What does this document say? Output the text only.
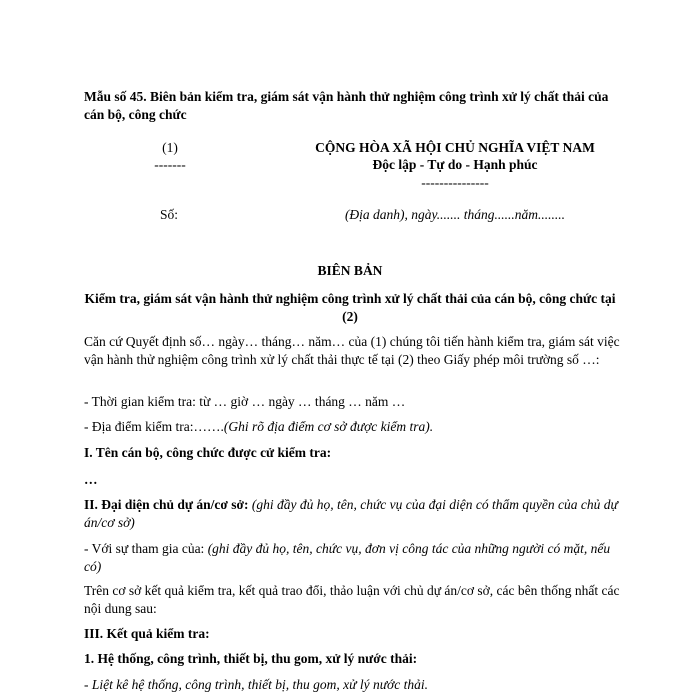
Mẫu số 45. Biên bản kiểm tra, giám sát vận hành thử nghiệm công trình xử lý chất thải của cán bộ, công chức
(1)
-------
Số:
CỘNG HÒA XÃ HỘI CHỦ NGHĨA VIỆT NAM
Độc lập - Tự do - Hạnh phúc
---------------
(Địa danh), ngày....... tháng......năm........
BIÊN BẢN
Kiểm tra, giám sát vận hành thử nghiệm công trình xử lý chất thải của cán bộ, công chức tại (2)
Căn cứ Quyết định số… ngày… tháng… năm… của (1) chúng tôi tiến hành kiểm tra, giám sát việc vận hành thử nghiệm công trình xử lý chất thải thực tế tại (2) theo Giấy phép môi trường số …:
- Thời gian kiểm tra: từ … giờ … ngày … tháng … năm …
- Địa điểm kiểm tra:…….(Ghi rõ địa điểm cơ sở được kiểm tra).
I. Tên cán bộ, công chức được cử kiểm tra:
…
II. Đại diện chủ dự án/cơ sở: (ghi đầy đủ họ, tên, chức vụ của đại diện có thẩm quyền của chủ dự án/cơ sở)
- Với sự tham gia của: (ghi đầy đủ họ, tên, chức vụ, đơn vị công tác của những người có mặt, nếu có)
Trên cơ sở kết quả kiểm tra, kết quả trao đổi, thảo luận với chủ dự án/cơ sở, các bên thống nhất các nội dung sau:
III. Kết quả kiểm tra:
1. Hệ thống, công trình, thiết bị, thu gom, xử lý nước thải:
- Liệt kê hệ thống, công trình, thiết bị, thu gom, xử lý nước thải.
